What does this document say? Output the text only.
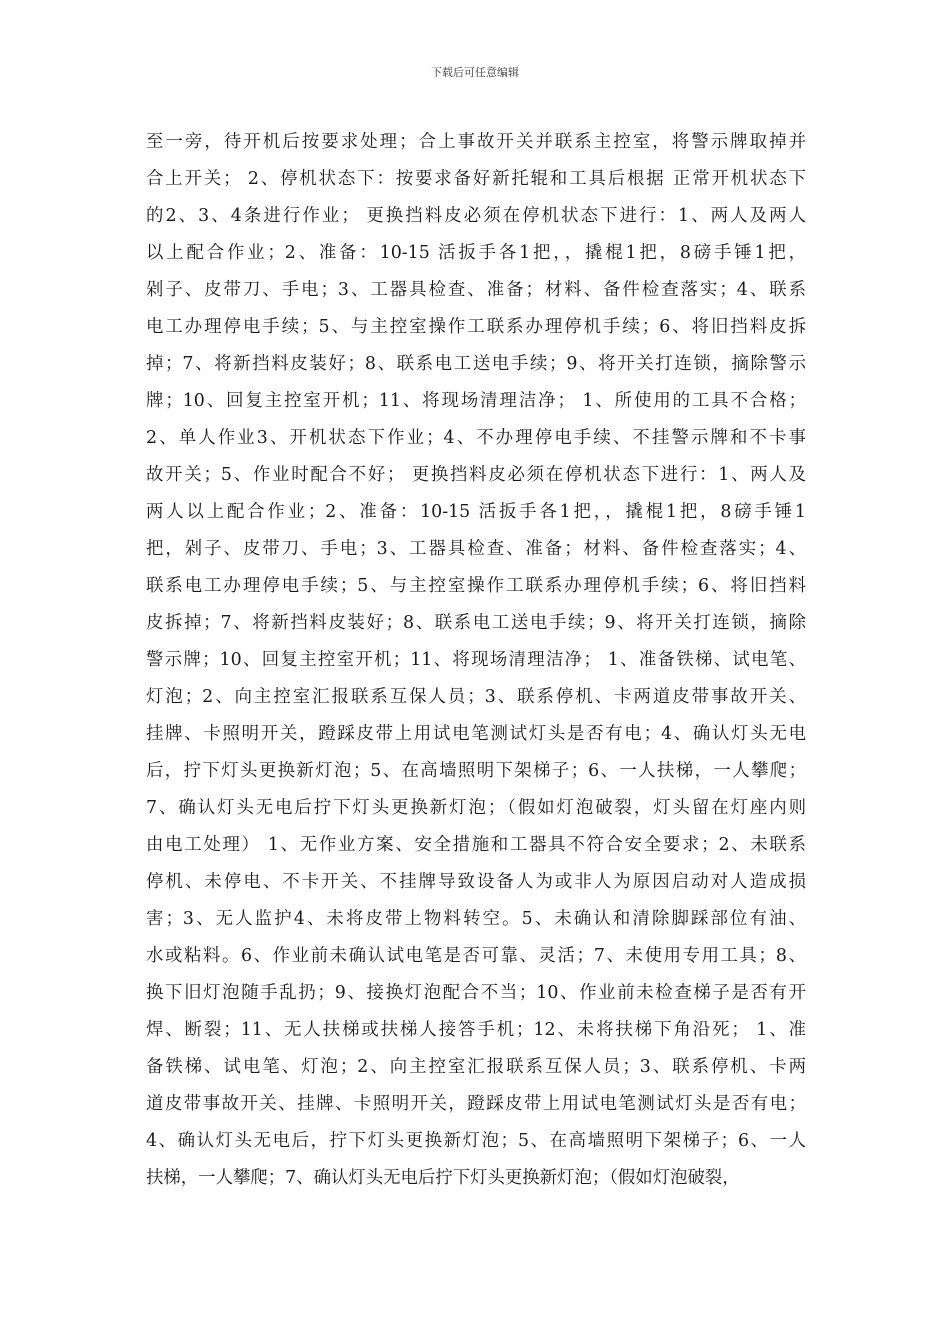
下载后可任意编辑
至一旁，待开机后按要求处理；合上事故开关并联系主控室，将警示牌取掉并
合上开关； 2、停机状态下：按要求备好新托辊和工具后根据 正常开机状态下
的2、3、4条进行作业； 更换挡料皮必须在停机状态下进行：1、两人及两人
以上配合作业；2、准备：10-15 活扳手各1把，，撬棍1把，8磅手锤1把，
剁子、皮带刀、手电；3、工器具检查、准备；材料、备件检查落实；4、联系
电工办理停电手续；5、与主控室操作工联系办理停机手续；6、将旧挡料皮拆
掉；7、将新挡料皮装好；8、联系电工送电手续；9、将开关打连锁，摘除警示
牌；10、回复主控室开机；11、将现场清理洁净； 1、所使用的工具不合格；
2、单人作业3、开机状态下作业；4、不办理停电手续、不挂警示牌和不卡事
故开关；5、作业时配合不好； 更换挡料皮必须在停机状态下进行：1、两人及
两人以上配合作业；2、准备：10-15 活扳手各1把，，撬棍1把，8磅手锤1
把，剁子、皮带刀、手电；3、工器具检查、准备；材料、备件检查落实；4、
联系电工办理停电手续；5、与主控室操作工联系办理停机手续；6、将旧挡料
皮拆掉；7、将新挡料皮装好；8、联系电工送电手续；9、将开关打连锁，摘除
警示牌；10、回复主控室开机；11、将现场清理洁净； 1、准备铁梯、试电笔、
灯泡；2、向主控室汇报联系互保人员；3、联系停机、卡两道皮带事故开关、
挂牌、卡照明开关，蹬踩皮带上用试电笔测试灯头是否有电；4、确认灯头无电
后，拧下灯头更换新灯泡；5、在高墙照明下架梯子；6、一人扶梯，一人攀爬；
7、确认灯头无电后拧下灯头更换新灯泡；（假如灯泡破裂，灯头留在灯座内则
由电工处理） 1、无作业方案、安全措施和工器具不符合安全要求；2、未联系
停机、未停电、不卡开关、不挂牌导致设备人为或非人为原因启动对人造成损
害；3、无人监护4、未将皮带上物料转空。5、未确认和清除脚踩部位有油、
水或粘料。6、作业前未确认试电笔是否可靠、灵活；7、未使用专用工具；8、
换下旧灯泡随手乱扔；9、接换灯泡配合不当；10、作业前未检查梯子是否有开
焊、断裂；11、无人扶梯或扶梯人接答手机；12、未将扶梯下角沿死； 1、准
备铁梯、试电笔、灯泡；2、向主控室汇报联系互保人员；3、联系停机、卡两
道皮带事故开关、挂牌、卡照明开关，蹬踩皮带上用试电笔测试灯头是否有电；
4、确认灯头无电后，拧下灯头更换新灯泡；5、在高墙照明下架梯子；6、一人
扶梯，一人攀爬；7、确认灯头无电后拧下灯头更换新灯泡；（假如灯泡破裂，
